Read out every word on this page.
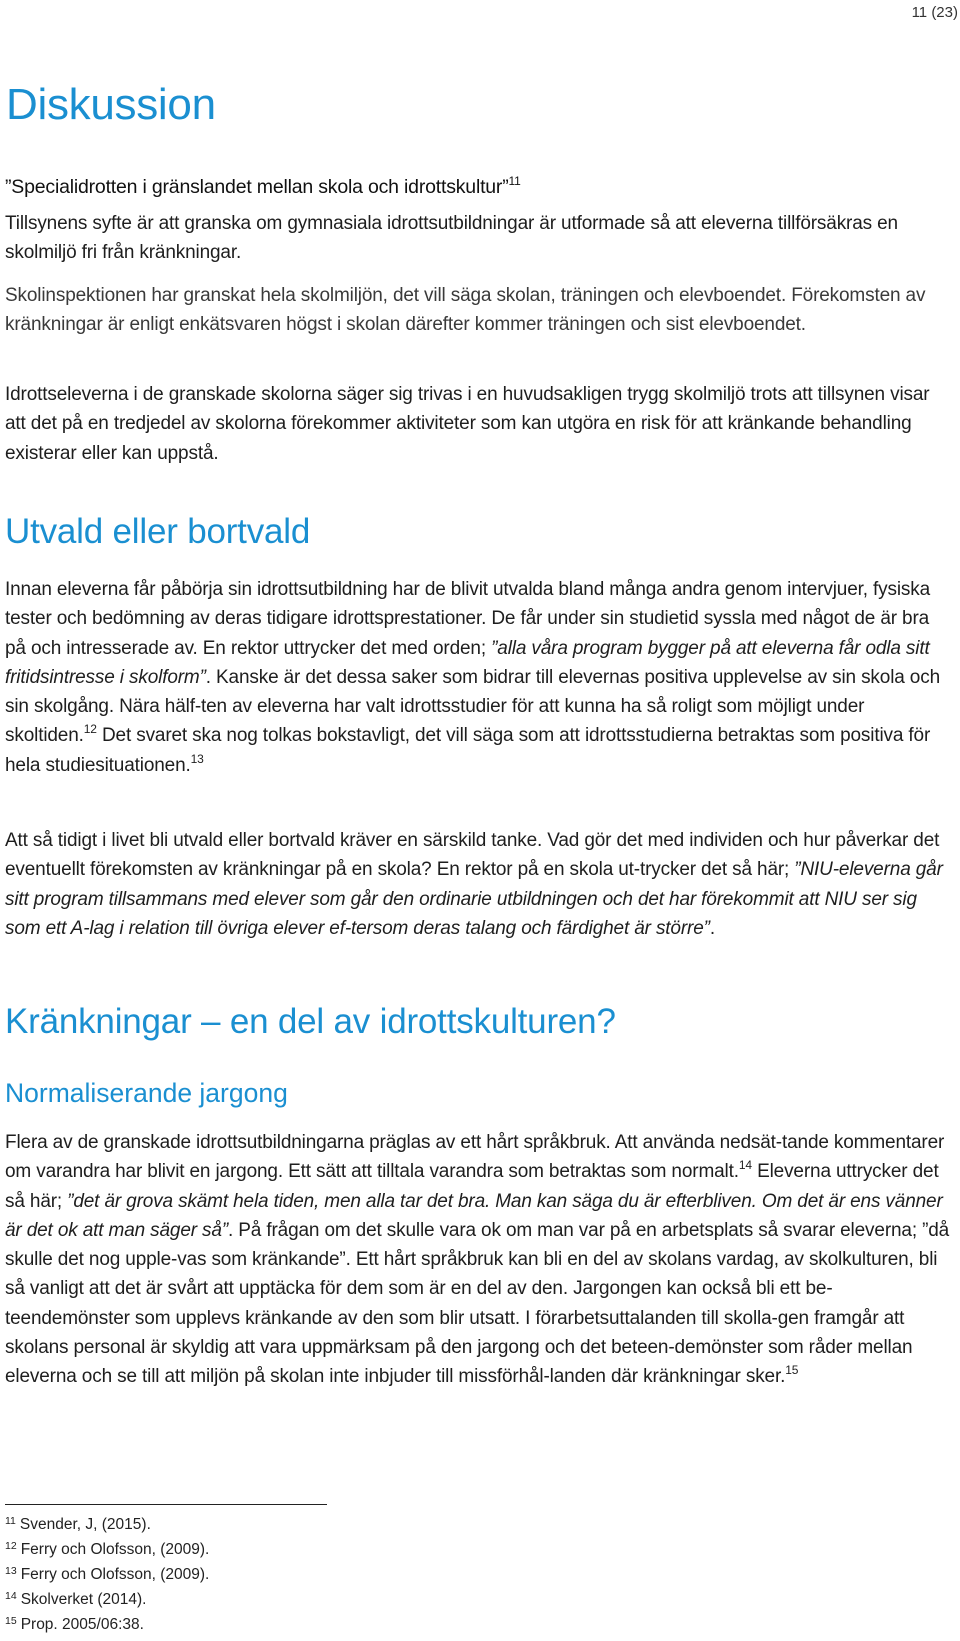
11 (23)
Diskussion
”Specialidrotten i gränslandet mellan skola och idrottskultur”$^{11}$

Tillsynens syfte är att granska om gymnasiala idrottsutbildningar är utformade så att eleverna tillförsäkras en skolmiljö fri från kränkningar.

Skolinspektionen har granskat hela skolmiljön, det vill säga skolan, träningen och elevboendet. Förekomsten av kränkningar är enligt enkätsvaren högst i skolan därefter kommer träningen och sist elevboendet.

Idrottseleverna i de granskade skolorna säger sig trivas i en huvudsakligen trygg skolmiljö trots att tillsynen visar att det på en tredjedel av skolorna förekommer aktiviteter som kan utgöra en risk för att kränkande behandling existerar eller kan uppstå.

Utvald eller bortvald

Innan eleverna får påbörja sin idrottsutbildning har de blivit utvalda bland många andra genom intervjuer, fysiska tester och bedömning av deras tidigare idrottsprestationer. De får under sin studietid syssla med något de är bra på och intresserade av. En rektor uttrycker det med orden; ”alla våra program bygger på att eleverna får odla sitt fritidsintresse i skolform”. Kanske är det dessa saker som bidrar till elevernas positiva upplevelse av sin skola och sin skolgång. Nära hälf-ten av eleverna har valt idrottsstudier för att kunna ha så roligt som möjligt under skoltiden.$^{12}$ Det svaret ska nog tolkas bokstavligt, det vill säga som att idrottsstudierna betraktas som positiva för hela studiesituationen.$^{13}$

Att så tidigt i livet bli utvald eller bortvald kräver en särskild tanke. Vad gör det med individen och hur påverkar det eventuellt förekomsten av kränkningar på en skola? En rektor på en skola ut-trycker det så här; ”NIU-eleverna går sitt program tillsammans med elever som går den ordinarie utbildningen och det har förekommit att NIU ser sig som ett A-lag i relation till övriga elever ef-tersom deras talang och färdighet är större”.

Kränkningar – en del av idrottskulturen?
Normaliserande jargong

Flera av de granskade idrottsutbildningarna präglas av ett hårt språkbruk. Att använda nedsät-tande kommentarer om varandra har blivit en jargong. Ett sätt att tilltala varandra som betraktas som normalt.$^{14}$ Eleverna uttrycker det så här; ”det är grova skämt hela tiden, men alla tar det bra. Man kan säga du är efterbliven. Om det är ens vänner är det ok att man säger så”. På frågan om det skulle vara ok om man var på en arbetsplats så svarar eleverna; ”då skulle det nog upple-vas som kränkande”. Ett hårt språkbruk kan bli en del av skolans vardag, av skolkulturen, bli så vanligt att det är svårt att upptäcka för dem som är en del av den. Jargongen kan också bli ett be-teendemönster som upplevs kränkande av den som blir utsatt. I förarbetsuttalanden till skolla-gen framgår att skolans personal är skyldig att vara uppmärksam på den jargong och det beteen-demönster som råder mellan eleverna och se till att miljön på skolan inte inbjuder till missförhål-landen där kränkningar sker.$^{15}$

$^{11}$ Svender, J, (2015).
$^{12}$ Ferry och Olofsson, (2009).
$^{13}$ Ferry och Olofsson, (2009).
$^{14}$ Skolverket (2014).
$^{15}$ Prop. 2005/06:38.
